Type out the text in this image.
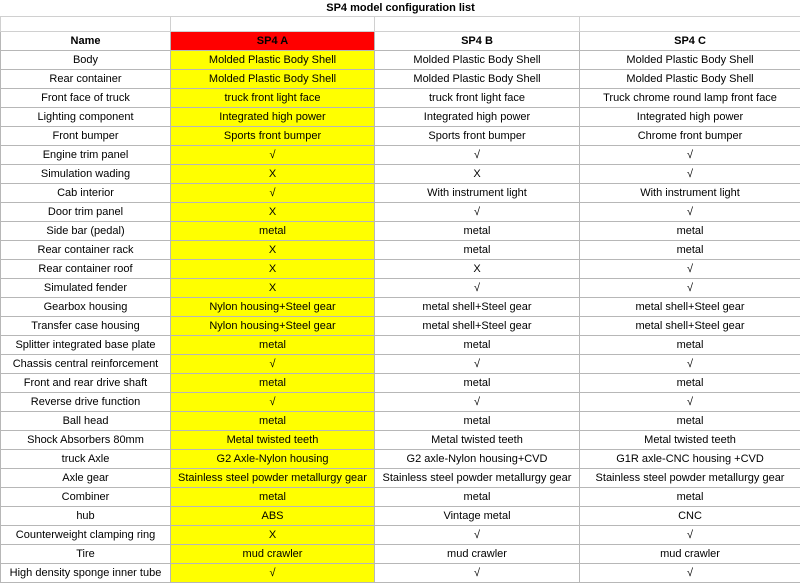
SP4 model configuration list			

Name	SP4 A	SP4 B	SP4 C
Body	Molded Plastic Body Shell	Molded Plastic Body Shell	Molded Plastic Body Shell
Rear container	Molded Plastic Body Shell	Molded Plastic Body Shell	Molded Plastic Body Shell
Front face of truck	truck front light face	truck front light face	Truck chrome round lamp front face
Lighting component	Integrated high power	Integrated high power	Integrated high power
Front bumper	Sports front bumper	Sports front bumper	Chrome front bumper
Engine trim panel	√	√	√
Simulation wading	X	X	√
Cab interior	√	With instrument light	With instrument light
Door trim panel	X	√	√
Side bar (pedal)	metal	metal	metal
Rear container rack	X	metal	metal
Rear container roof	X	X	√
Simulated fender	X	√	√
Gearbox housing	Nylon housing+Steel gear	metal shell+Steel gear	metal shell+Steel gear
Transfer case housing	Nylon housing+Steel gear	metal shell+Steel gear	metal shell+Steel gear
Splitter integrated base plate	metal	metal	metal
Chassis central reinforcement	√	√	√
Front and rear drive shaft	metal	metal	metal
Reverse drive function	√	√	√
Ball head	metal	metal	metal
Shock Absorbers 80mm	Metal twisted teeth	Metal twisted teeth	Metal twisted teeth
truck Axle	G2 Axle-Nylon housing	G2 axle-Nylon housing+CVD	G1R axle-CNC housing +CVD
Axle gear	Stainless steel powder metallurgy gear	Stainless steel powder metallurgy gear	Stainless steel powder metallurgy gear
Combiner	metal	metal	metal
hub	ABS	Vintage metal	CNC
Counterweight clamping ring	X	√	√
Tire	mud crawler	mud crawler	mud crawler
High density sponge inner tube	√	√	√
